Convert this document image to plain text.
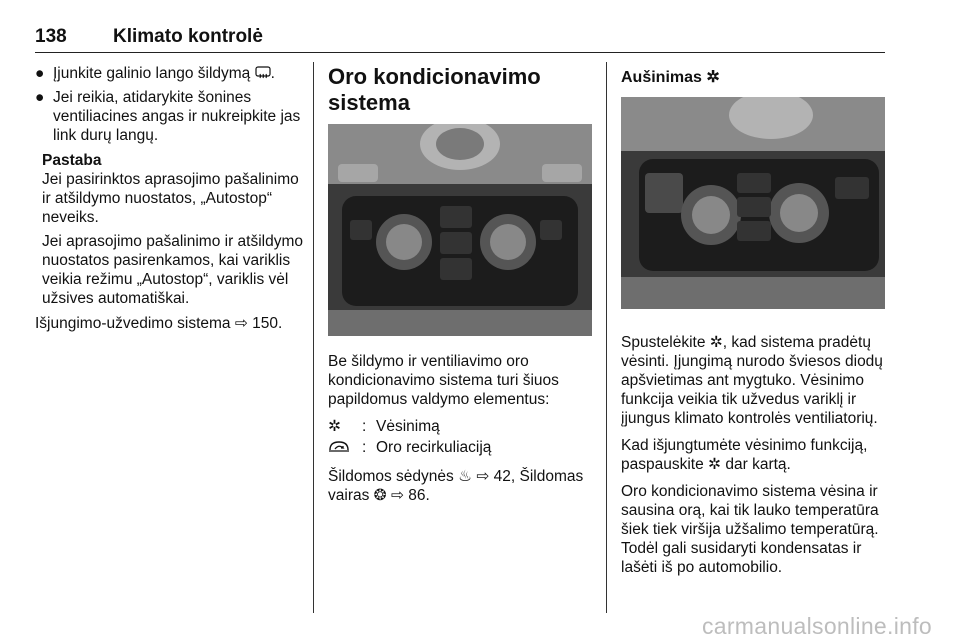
138 Klimato kontrolė
● Įjunkite galinio lango šildymą .
● Jei reikia, atidarykite šonines ventiliacines angas ir nukreipkite jas link durų langų.
Pastaba

Jei pasirinktos aprasojimo pašalinimo ir atšildymo nuostatos, „Autostop“ neveiks.

Jei aprasojimo pašalinimo ir atšildymo nuostatos pasirenkamos, kai variklis veikia režimu „Autostop“, variklis vėl užsives automatiškai.

Išjungimo-užvedimo sistema ⇨ 150.

Oro kondicionavimo sistema

Be šildymo ir ventiliavimo oro kondicionavimo sistema turi šiuos papildomus valdymo elementus:

✲	: Vėsinimą
: Oro recirkuliaciją

Šildomos sėdynės ♨ ⇨ 42, Šildomas vairas ❂ ⇨ 86.

Aušinimas ✲

Spustelėkite ✲, kad sistema pradėtų vėsinti. Įjungimą nurodo šviesos diodų apšvietimas ant mygtuko. Vėsinimo funkcija veikia tik užvedus variklį ir įjungus klimato kontrolės ventiliatorių.

Kad išjungtumėte vėsinimo funkciją, paspauskite ✲ dar kartą.

Oro kondicionavimo sistema vėsina ir sausina orą, kai tik lauko temperatūra šiek tiek viršija užšalimo temperatūrą. Todėl gali susidaryti kondensatas ir lašėti iš po automobilio.

carmanualsonline.info
